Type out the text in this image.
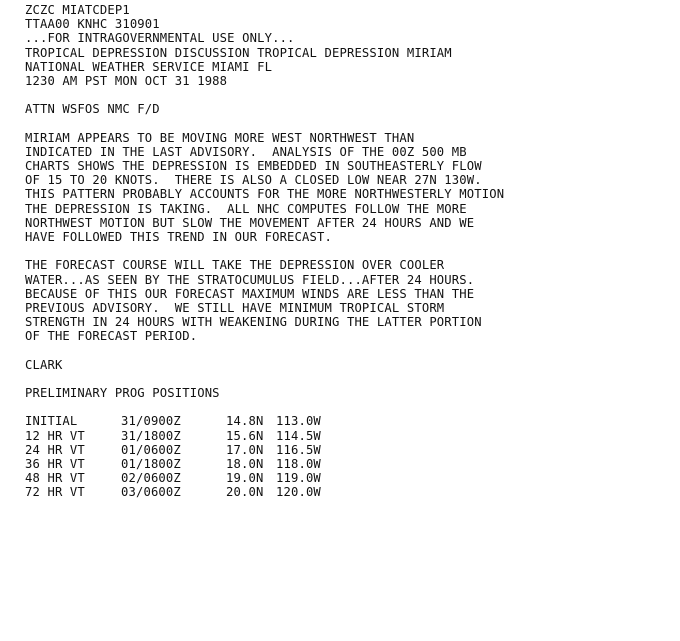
ZCZC MIATCDEP1
TTAA00 KNHC 310901
...FOR INTRAGOVERNMENTAL USE ONLY...
TROPICAL DEPRESSION DISCUSSION TROPICAL DEPRESSION MIRIAM
NATIONAL WEATHER SERVICE MIAMI FL
1230 AM PST MON OCT 31 1988
ATTN WSFOS NMC F/D
MIRIAM APPEARS TO BE MOVING MORE WEST NORTHWEST THAN
INDICATED IN THE LAST ADVISORY.  ANALYSIS OF THE 00Z 500 MB
CHARTS SHOWS THE DEPRESSION IS EMBEDDED IN SOUTHEASTERLY FLOW
OF 15 TO 20 KNOTS.  THERE IS ALSO A CLOSED LOW NEAR 27N 130W.
THIS PATTERN PROBABLY ACCOUNTS FOR THE MORE NORTHWESTERLY MOTION
THE DEPRESSION IS TAKING.  ALL NHC COMPUTES FOLLOW THE MORE
NORTHWEST MOTION BUT SLOW THE MOVEMENT AFTER 24 HOURS AND WE
HAVE FOLLOWED THIS TREND IN OUR FORECAST.
THE FORECAST COURSE WILL TAKE THE DEPRESSION OVER COOLER
WATER...AS SEEN BY THE STRATOCUMULUS FIELD...AFTER 24 HOURS.
BECAUSE OF THIS OUR FORECAST MAXIMUM WINDS ARE LESS THAN THE
PREVIOUS ADVISORY.  WE STILL HAVE MINIMUM TROPICAL STORM
STRENGTH IN 24 HOURS WITH WEAKENING DURING THE LATTER PORTION
OF THE FORECAST PERIOD.
CLARK
PRELIMINARY PROG POSITIONS
INITIAL	31/0900Z	14.8N	113.0W
12 HR VT	31/1800Z	15.6N	114.5W
24 HR VT	01/0600Z	17.0N	116.5W
36 HR VT	01/1800Z	18.0N	118.0W
48 HR VT	02/0600Z	19.0N	119.0W
72 HR VT	03/0600Z	20.0N	120.0W
